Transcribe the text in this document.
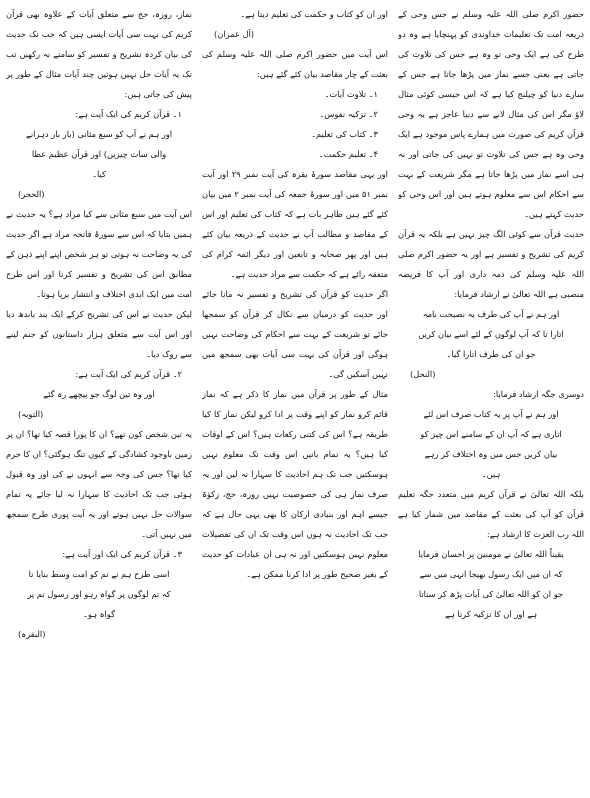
حضور اکرم صلی اللہ علیہ وسلم نے جس وحی کے ذریعہ امت تک تعلیمات خداوندی کو پہنچایا ہے وہ دو طرح کی ہے ایک وحی تو وہ ہے جس کی تلاوت کی جاتی ہے یعنی جسے نماز میں پڑھا جاتا ہے جس کے سارے دنیا کو چیلنج کیا ہے کہ اس جیسی کوئی مثال لاؤ مگر اس کی مثال لانے سے دنیا عاجز ہے یہ وحی قرآن کریم کی صورت میں ہمارے پاس موجود ہے ایک وحی وہ ہے جس کی تلاوت تو نہیں کی جاتی اور نہ ہی اسے نماز میں پڑھا جاتا ہے مگر شریعت کے بہت سے احکام اس سے معلوم ہوتے ہیں اور اس وحی کو حدیث کہتے ہیں۔

حدیث قرآن سے کوئی الگ چیز نہیں ہے بلکہ یہ قرآن کریم کی تشریح و تفسیر ہے اور یہ حضور اکرم صلی اللہ علیہ وسلم کی ذمہ داری اور آپ کا فریضہ منصبی ہے اللہ تعالیٰ نے ارشاد فرمایا:

اور ہم نے آپ کی طرف یہ نصیحت نامہ اتارا تا کہ آپ لوگوں کے لئے اسے بیان کریں جو ان کی طرف اتارا گیا۔

(النحل)

دوسری جگہ ارشاد فرمایا:

اور ہم نے آپ پر یہ کتاب صرف اس لئے اتاری ہے کہ آپ ان کے سامنے اس چیز کو بیان کریں جس میں وہ اختلاف کر رہے ہیں۔

بلکہ اللہ تعالیٰ نے قرآن کریم میں متعدد جگہ تعلیم قرآن کو آپ کی بعثت کے مقاصد میں شمار کیا ہے اللہ رب العزت کا ارشاد ہے:

یقیناً اللہ تعالیٰ نے مومنین پر احسان فرمایا کہ ان میں ایک رسول بھیجا انہی میں سے جو ان کو اللہ تعالیٰ کی آیات پڑھ کر سناتا ہے اور ان کا تزکیہ کرتا ہے

اور ان کو کتاب و حکمت کی تعلیم دیتا ہے۔

(آل عمران)

اس آیت میں حضور اکرم صلی اللہ علیہ وسلم کی بعثت کے چار مقاصد بیان کئے گئے ہیں:

۱۔ تلاوت آیات۔

۲۔ تزکیہ نفوس۔

۳۔ کتاب کی تعلیم۔

۴۔ تعلیم حکمت۔

اور یہی مقاصد سورۂ بقرہ کی آیت نمبر ۲۹ اور آیت نمبر ۵۱ میں اور سورۂ جمعہ کی آیت نمبر ۲ میں بیان کئے گئے ہیں ظاہر بات ہے کہ کتاب کی تعلیم اور اس کے مقاصد و مطالب آپ نے حدیث کے ذریعہ بیان کئے ہیں اور پھر صحابہ و تابعین اور دیگر ائمہ کرام کی متفقہ رائے ہے کہ حکمت سے مراد حدیث ہے۔

اگر حدیث کو قرآن کی تشریح و تفسیر نہ مانا جائے اور حدیث کو درمیان سے نکال کر قرآن کو سمجھا جائے تو شریعت کے بہت سے احکام کی وضاحت نہیں ہوگی اور قرآن کی بہت سی آیات بھی سمجھ میں نہیں آسکیں گی۔

مثال کے طور پر قرآن میں نماز کا ذکر ہے کہ نماز قائم کرو نماز کو اپنے وقت پر ادا کرو لیکن نماز کا کیا طریقہ ہے؟ اس کی کتنی رکعات ہیں؟ اس کے اوقات کیا ہیں؟ یہ تمام باتیں اس وقت تک معلوم نہیں ہوسکتیں جب تک ہم احادیث کا سہارا نہ لیں اور یہ صرف نماز ہی کی خصوصیت نہیں روزہ، حج، زکوٰۃ جیسے اہم اور بنیادی ارکان کا بھی یہی حال ہے کہ جب تک احادیث نہ ہوں اس وقت تک ان کی تفصیلات معلوم نہیں ہوسکتیں اور نہ ہی ان عبادات کو حدیث کے بغیر صحیح طور پر ادا کرنا ممکن ہے۔

نماز، روزہ، حج سے متعلق آیات کے علاوہ بھی قرآن کریم کی بہت سی آیات ایسی ہیں کہ جب تک حدیث کی بیان کردہ تشریح و تفسیر کو سامنے نہ رکھیں تب تک یہ آیات حل نہیں ہوتیں چند آیات مثال کے طور پر پیش کی جاتی ہیں:

۱۔ قرآن کریم کی ایک آیت ہے:

اور ہم نے آپ کو سبع مثانی (بار بار دہرانے والی سات چیزیں) اور قرآن عظیم عطا کیا۔

(الحجر)

اس آیت میں سبع مثانی سے کیا مراد ہے؟ یہ حدیث نے ہمیں بتایا کہ اس سے سورۂ فاتحہ مراد ہے اگر حدیث کی یہ وضاحت نہ ہوتی تو ہر شخص اپنے اپنے ذہن کے مطابق اس کی تشریح و تفسیر کرتا اور اس طرح امت میں ایک ابدی اختلاف و انتشار برپا ہوتا۔

لیکن حدیث نے اس کی تشریح کرکے ایک بند باندھ دیا اور اس آیت سے متعلق ہزار داستانوں کو جنم لینے سے روک دیا۔

۲۔ قرآن کریم کی ایک آیت ہے:

اور وہ تین لوگ جو پیچھے رہ گئے

(التوبہ)

یہ تین شخص کون تھے؟ ان کا پورا قصہ کیا تھا؟ ان پر زمین باوجود کشادگی کے کیوں تنگ ہوگئی؟ ان کا جرم کیا تھا؟ جس کی وجہ سے انہوں نے کی اور وہ قبول ہوئی جب تک احادیث کا سہارا نہ لیا جائے یہ تمام سوالات حل نہیں ہوتے اور یہ آیت پوری طرح سمجھ میں نہیں آتی۔

۳۔ قرآن کریم کی ایک اور آیت ہے:

اسی طرح ہم نے تم کو امت وسط بنایا تا کہ تم لوگوں پر گواہ رہو اور رسول تم پر گواہ ہو۔

(البقرہ)
